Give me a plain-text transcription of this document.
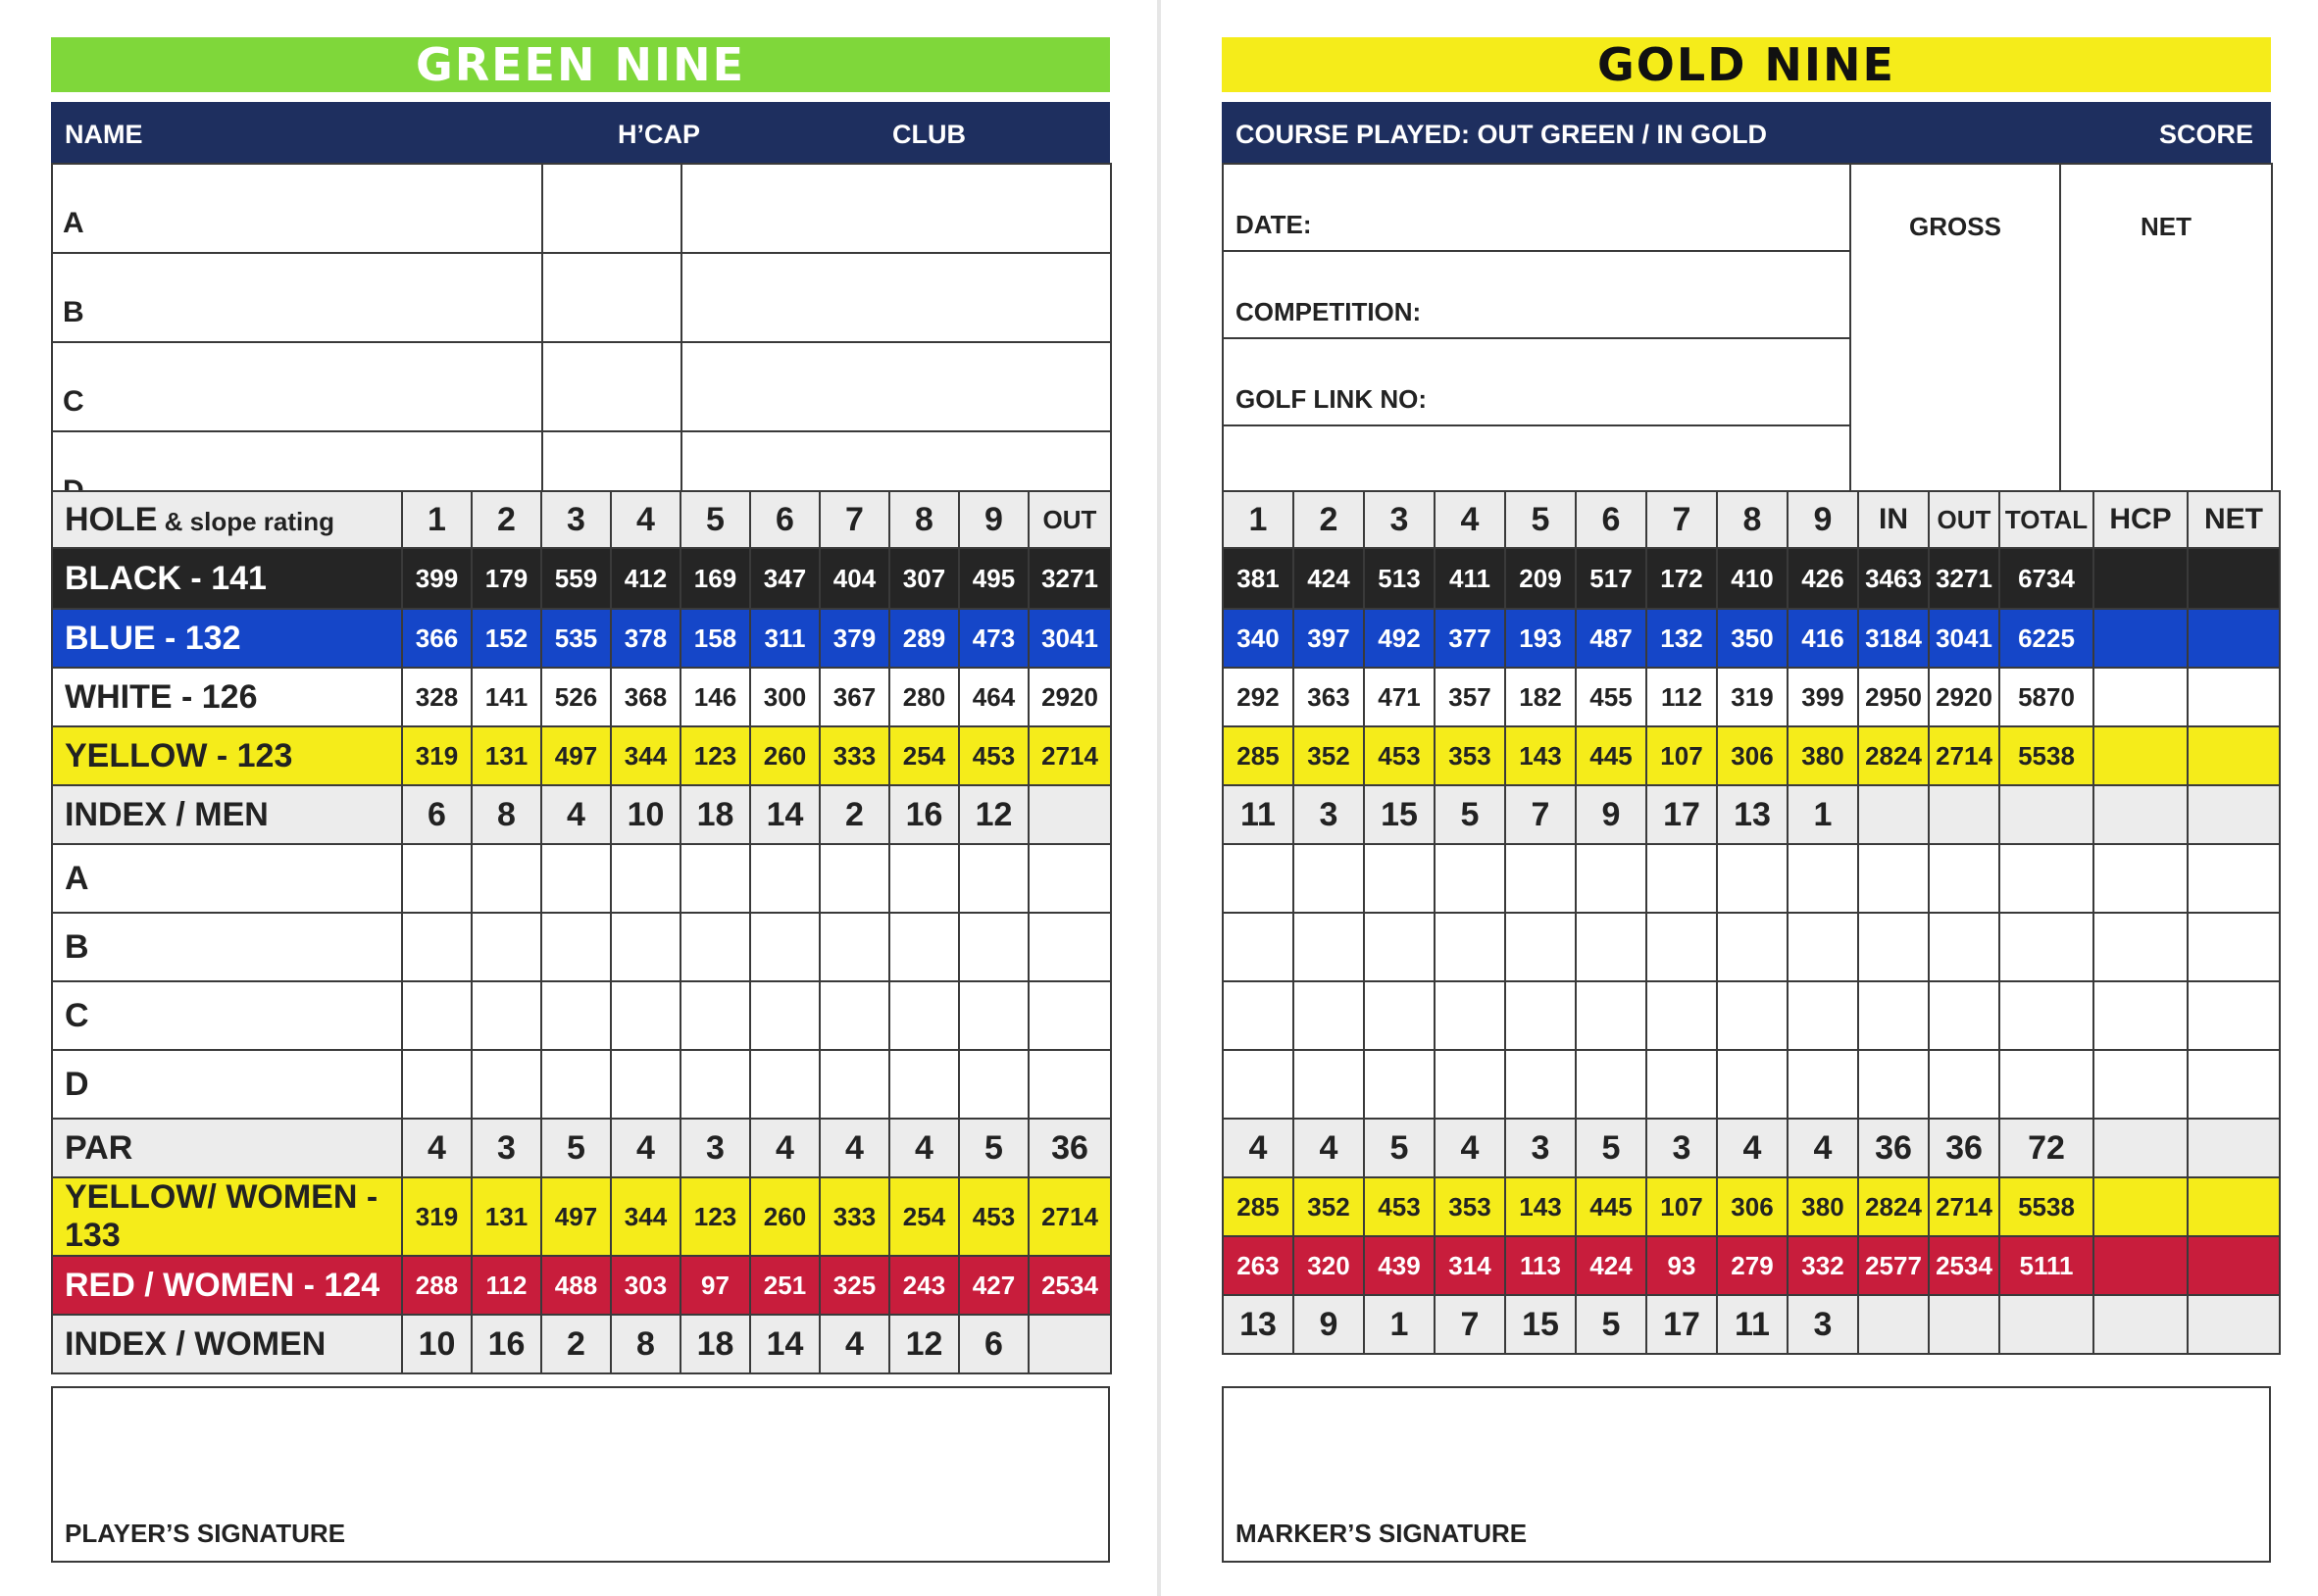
GREEN NINE
NAME	H’CAP	CLUB
A		
B		
C		

HOLE & slope rating	1	2	3	4	5	6	7	8	9	OUT
BLACK - 141	399	179	559	412	169	347	404	307	495	3271
BLUE - 132	366	152	535	378	158	311	379	289	473	3041
WHITE - 126	328	141	526	368	146	300	367	280	464	2920
YELLOW - 123	319	131	497	344	123	260	333	254	453	2714
INDEX / MEN	6	8	4	10	18	14	2	16	12	
A										
B										
C										
D										
PAR	4	3	5	4	3	4	4	4	5	36
YELLOW/ WOMEN - 133	319	131	497	344	123	260	333	254	453	2714
RED / WOMEN - 124	288	112	488	303	97	251	325	243	427	2534
INDEX / WOMEN	10	16	2	8	18	14	4	12	6	
PLAYER’S SIGNATURE
GOLD NINE
COURSE PLAYED: OUT GREEN / IN GOLD	SCORE
DATE:	GROSS	NET
COMPETITION:
GOLF LINK NO:

1	2	3	4	5	6	7	8	9	IN	OUT	TOTAL	HCP	NET
381	424	513	411	209	517	172	410	426	3463	3271	6734		
340	397	492	377	193	487	132	350	416	3184	3041	6225		
292	363	471	357	182	455	112	319	399	2950	2920	5870		
285	352	453	353	143	445	107	306	380	2824	2714	5538		
11	3	15	5	7	9	17	13	1					

4	4	5	4	3	5	3	4	4	36	36	72		
285	352	453	353	143	445	107	306	380	2824	2714	5538		
263	320	439	314	113	424	93	279	332	2577	2534	5111		
13	9	1	7	15	5	17	11	3					
MARKER’S SIGNATURE
